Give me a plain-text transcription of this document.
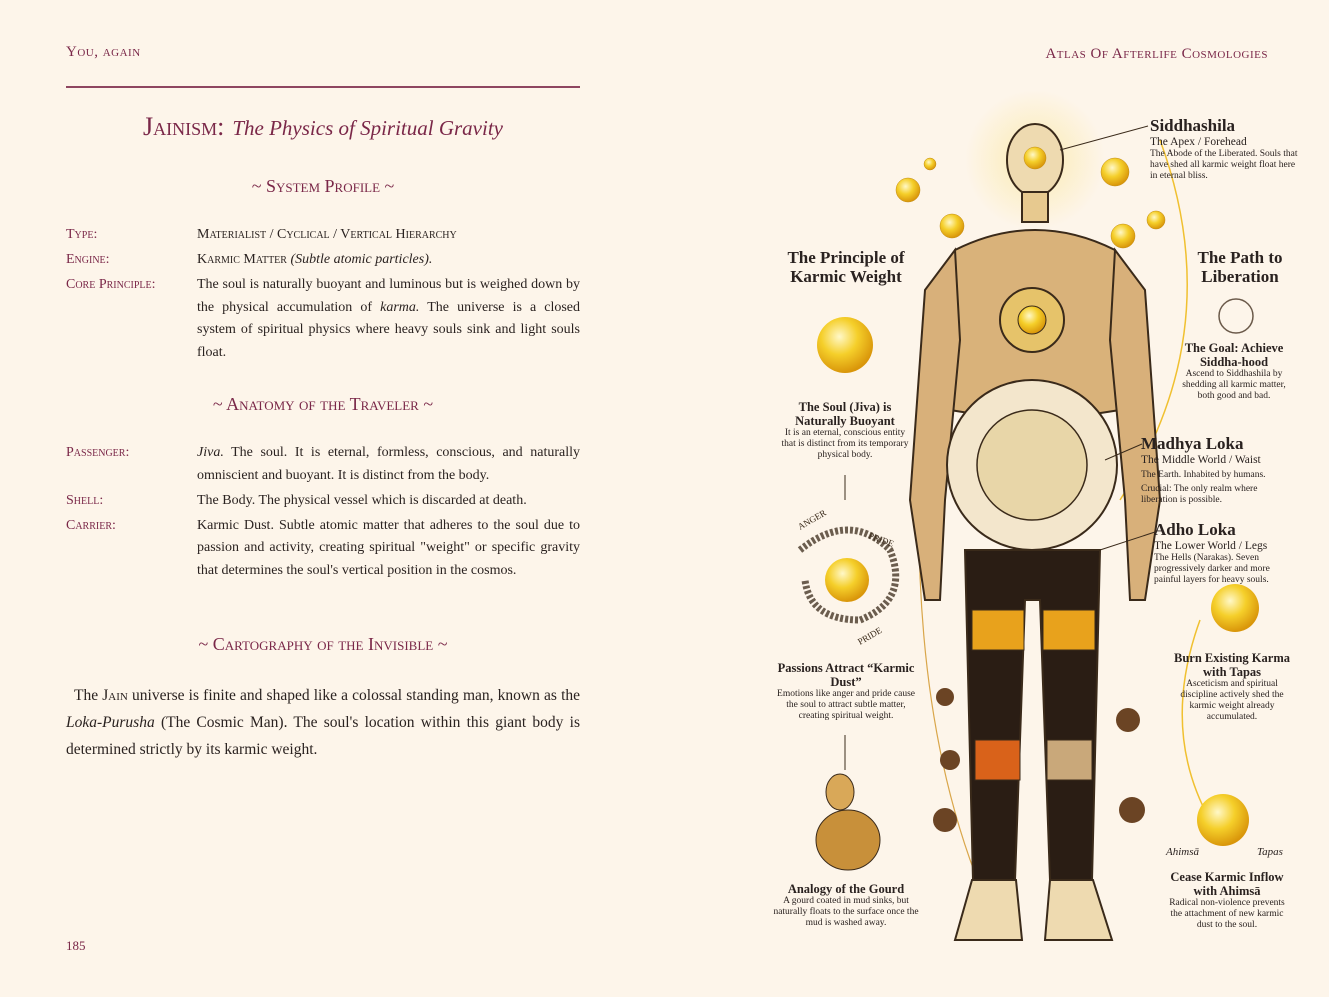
You, again
Jainism: The Physics of Spiritual Gravity
~ System Profile ~
Type:	Materialist / Cyclical / Vertical Hierarchy
Engine:	Karmic Matter (Subtle atomic particles).
Core Principle:	The soul is naturally buoyant and luminous but is weighed down by the physical accumulation of karma. The universe is a closed system of spiritual physics where heavy souls sink and light souls float.
~ Anatomy of the Traveler ~
Passenger:	Jiva. The soul. It is eternal, formless, conscious, and naturally omniscient and buoyant. It is distinct from the body.
Shell:	The Body. The physical vessel which is discarded at death.
Carrier:	Karmic Dust. Subtle atomic matter that adheres to the soul due to passion and activity, creating spiritual "weight" or specific gravity that determines the soul's vertical position in the cosmos.
~ Cartography of the Invisible ~
The Jain universe is finite and shaped like a colossal standing man, known as the Loka-Purusha (The Cosmic Man). The soul's location within this giant body is determined strictly by its karmic weight.
185
Atlas Of Afterlife Cosmologies
ANGER
PRIDE
PRIDE
The Principle of Karmic Weight
The Soul (Jiva) is Naturally Buoyant
It is an eternal, conscious entity that is distinct from its temporary physical body.
Passions Attract “Karmic Dust”
Emotions like anger and pride cause the soul to attract subtle matter, creating spiritual weight.
Analogy of the Gourd
A gourd coated in mud sinks, but naturally floats to the surface once the mud is washed away.
Siddhashila
The Apex / Forehead
The Abode of the Liberated. Souls that have shed all karmic weight float here in eternal bliss.
The Path to Liberation
The Goal: Achieve Siddha-hood
Ascend to Siddhashila by shedding all karmic matter, both good and bad.
Madhya Loka
The Middle World / Waist
The Earth. Inhabited by humans.
Crucial: The only realm where liberation is possible.
Adho Loka
The Lower World / Legs
The Hells (Narakas). Seven progressively darker and more painful layers for heavy souls.
Burn Existing Karma with Tapas
Asceticism and spiritual discipline actively shed the karmic weight already accumulated.
Ahimsā	Tapas
Cease Karmic Inflow with Ahimsā
Radical non-violence prevents the attachment of new karmic dust to the soul.
